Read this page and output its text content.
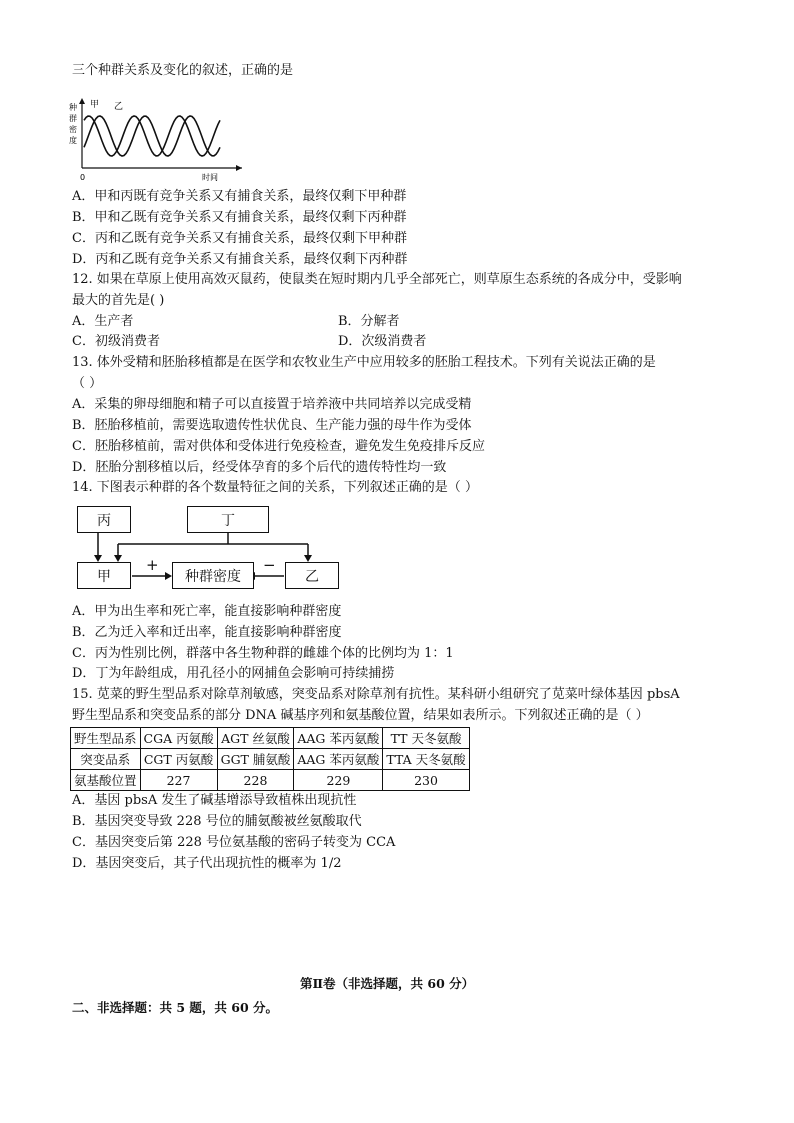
三个种群关系及变化的叙述，正确的是
种
群
密
度
甲 乙
0	时间
A．甲和丙既有竞争关系又有捕食关系，最终仅剩下甲种群
B．甲和乙既有竞争关系又有捕食关系，最终仅剩下丙种群
C．丙和乙既有竞争关系又有捕食关系，最终仅剩下甲种群
D．丙和乙既有竞争关系又有捕食关系，最终仅剩下丙种群
12. 如果在草原上使用高效灭鼠药，使鼠类在短时期内几乎全部死亡，则草原生态系统的各成分中，受影响
最大的首先是( )
A．生产者	B．分解者
C．初级消费者	D．次级消费者
13. 体外受精和胚胎移植都是在医学和农牧业生产中应用较多的胚胎工程技术。下列有关说法正确的是
（ ）
A．采集的卵母细胞和精子可以直接置于培养液中共同培养以完成受精
B．胚胎移植前，需要选取遗传性状优良、生产能力强的母牛作为受体
C．胚胎移植前，需对供体和受体进行免疫检查，避免发生免疫排斥反应
D．胚胎分割移植以后，经受体孕育的多个后代的遗传特性均一致
14. 下图表示种群的各个数量特征之间的关系，下列叙述正确的是（ ）
丙	丁
甲	种群密度	乙
+	−
A．甲为出生率和死亡率，能直接影响种群密度
B．乙为迁入率和迁出率，能直接影响种群密度
C．丙为性别比例，群落中各生物种群的雌雄个体的比例均为 1：1
D．丁为年龄组成，用孔径小的网捕鱼会影响可持续捕捞
15. 苋菜的野生型品系对除草剂敏感，突变品系对除草剂有抗性。某科研小组研究了苋菜叶绿体基因 pbsA
野生型品系和突变品系的部分 DNA 碱基序列和氨基酸位置，结果如表所示。下列叙述正确的是（ ）
野生型品系	CGA 丙氨酸	AGT 丝氨酸	AAG 苯丙氨酸	TT 天冬氨酸
突变品系	CGT 丙氨酸	GGT 脯氨酸	AAG 苯丙氨酸	TTA 天冬氨酸
氨基酸位置	227	228	229	230
A．基因 pbsA 发生了碱基增添导致植株出现抗性
B．基因突变导致 228 号位的脯氨酸被丝氨酸取代
C．基因突变后第 228 号位氨基酸的密码子转变为 CCA
D．基因突变后，其子代出现抗性的概率为 1/2
第Ⅱ卷（非选择题，共 60 分）
二、非选择题：共 5 题，共 60 分。
